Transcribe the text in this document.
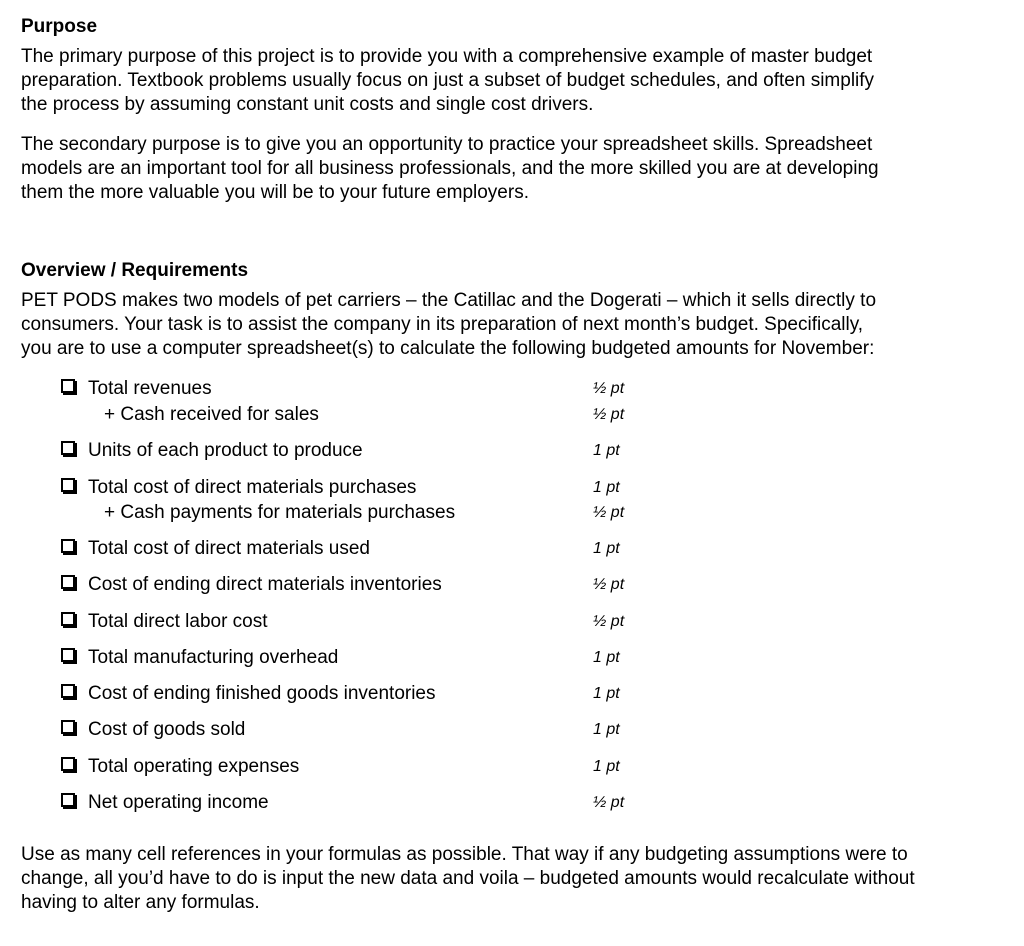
Purpose
The primary purpose of this project is to provide you with a comprehensive example of master budget
preparation. Textbook problems usually focus on just a subset of budget schedules, and often simplify
the process by assuming constant unit costs and single cost drivers.
The secondary purpose is to give you an opportunity to practice your spreadsheet skills. Spreadsheet
models are an important tool for all business professionals, and the more skilled you are at developing
them the more valuable you will be to your future employers.
Overview / Requirements
PET PODS makes two models of pet carriers – the Catillac and the Dogerati – which it sells directly to
consumers. Your task is to assist the company in its preparation of next month’s budget. Specifically,
you are to use a computer spreadsheet(s) to calculate the following budgeted amounts for November:
Total revenues	½ pt
+ Cash received for sales	½ pt
Units of each product to produce	1 pt
Total cost of direct materials purchases	1 pt
+ Cash payments for materials purchases	½ pt
Total cost of direct materials used	1 pt
Cost of ending direct materials inventories	½ pt
Total direct labor cost	½ pt
Total manufacturing overhead	1 pt
Cost of ending finished goods inventories	1 pt
Cost of goods sold	1 pt
Total operating expenses	1 pt
Net operating income	½ pt
Use as many cell references in your formulas as possible. That way if any budgeting assumptions were to
change, all you’d have to do is input the new data and voila – budgeted amounts would recalculate without
having to alter any formulas.
